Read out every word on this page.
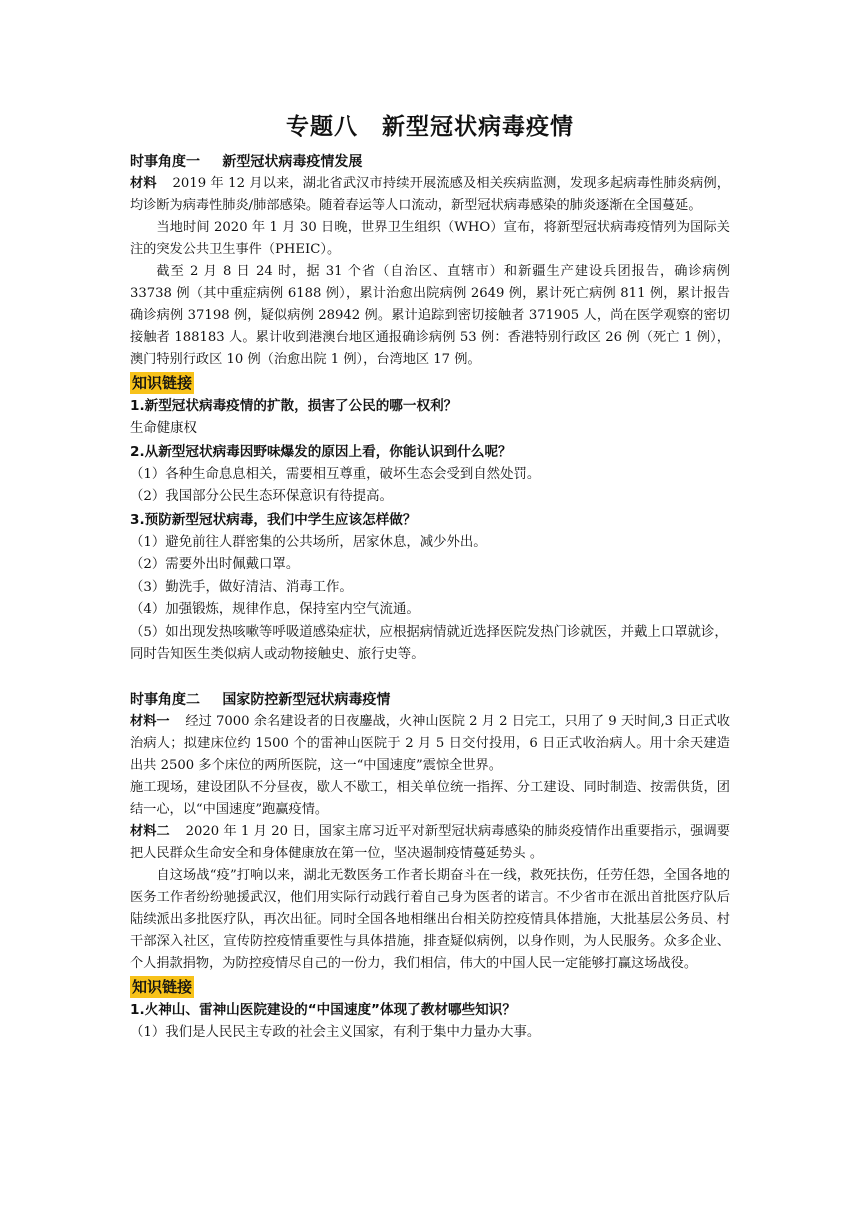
专题八　新型冠状病毒疫情
时事角度一 新型冠状病毒疫情发展

材料 2019 年 12 月以来，湖北省武汉市持续开展流感及相关疾病监测，发现多起病毒性肺炎病例，均诊断为病毒性肺炎/肺部感染。随着春运等人口流动，新型冠状病毒感染的肺炎逐渐在全国蔓延。

当地时间 2020 年 1 月 30 日晚，世界卫生组织（WHO）宣布，将新型冠状病毒疫情列为国际关注的突发公共卫生事件（PHEIC）。

截至 2 月 8 日 24 时，据 31 个省（自治区、直辖市）和新疆生产建设兵团报告，确诊病例 33738 例（其中重症病例 6188 例），累计治愈出院病例 2649 例，累计死亡病例 811 例，累计报告确诊病例 37198 例，疑似病例 28942 例。累计追踪到密切接触者 371905 人，尚在医学观察的密切接触者 188183 人。累计收到港澳台地区通报确诊病例 53 例：香港特别行政区 26 例（死亡 1 例），澳门特别行政区 10 例（治愈出院 1 例），台湾地区 17 例。

知识链接

1.新型冠状病毒疫情的扩散，损害了公民的哪一权利？

生命健康权

2.从新型冠状病毒因野味爆发的原因上看，你能认识到什么呢？

（1）各种生命息息相关，需要相互尊重，破坏生态会受到自然处罚。

（2）我国部分公民生态环保意识有待提高。

3.预防新型冠状病毒，我们中学生应该怎样做？

（1）避免前往人群密集的公共场所，居家休息，减少外出。

（2）需要外出时佩戴口罩。

（3）勤洗手，做好清洁、消毒工作。

（4）加强锻炼，规律作息，保持室内空气流通。

（5）如出现发热咳嗽等呼吸道感染症状，应根据病情就近选择医院发热门诊就医，并戴上口罩就诊，同时告知医生类似病人或动物接触史、旅行史等。

时事角度二 国家防控新型冠状病毒疫情

材料一 经过 7000 余名建设者的日夜鏖战，火神山医院 2 月 2 日完工，只用了 9 天时间,3 日正式收治病人；拟建床位约 1500 个的雷神山医院于 2 月 5 日交付投用，6 日正式收治病人。用十余天建造出共 2500 多个床位的两所医院，这一“中国速度”震惊全世界。

施工现场，建设团队不分昼夜，歇人不歇工，相关单位统一指挥、分工建设、同时制造、按需供货，团结一心，以“中国速度”跑赢疫情。

材料二 2020 年 1 月 20 日，国家主席习近平对新型冠状病毒感染的肺炎疫情作出重要指示，强调要把人民群众生命安全和身体健康放在第一位，坚决遏制疫情蔓延势头 。

自这场战“疫”打响以来，湖北无数医务工作者长期奋斗在一线，救死扶伤，任劳任怨，全国各地的医务工作者纷纷驰援武汉，他们用实际行动践行着自己身为医者的诺言。不少省市在派出首批医疗队后陆续派出多批医疗队，再次出征。同时全国各地相继出台相关防控疫情具体措施，大批基层公务员、村干部深入社区，宣传防控疫情重要性与具体措施，排查疑似病例，以身作则，为人民服务。众多企业、个人捐款捐物，为防控疫情尽自己的一份力，我们相信，伟大的中国人民一定能够打赢这场战役。

知识链接

1.火神山、雷神山医院建设的“中国速度”体现了教材哪些知识？

（1）我们是人民民主专政的社会主义国家，有利于集中力量办大事。
